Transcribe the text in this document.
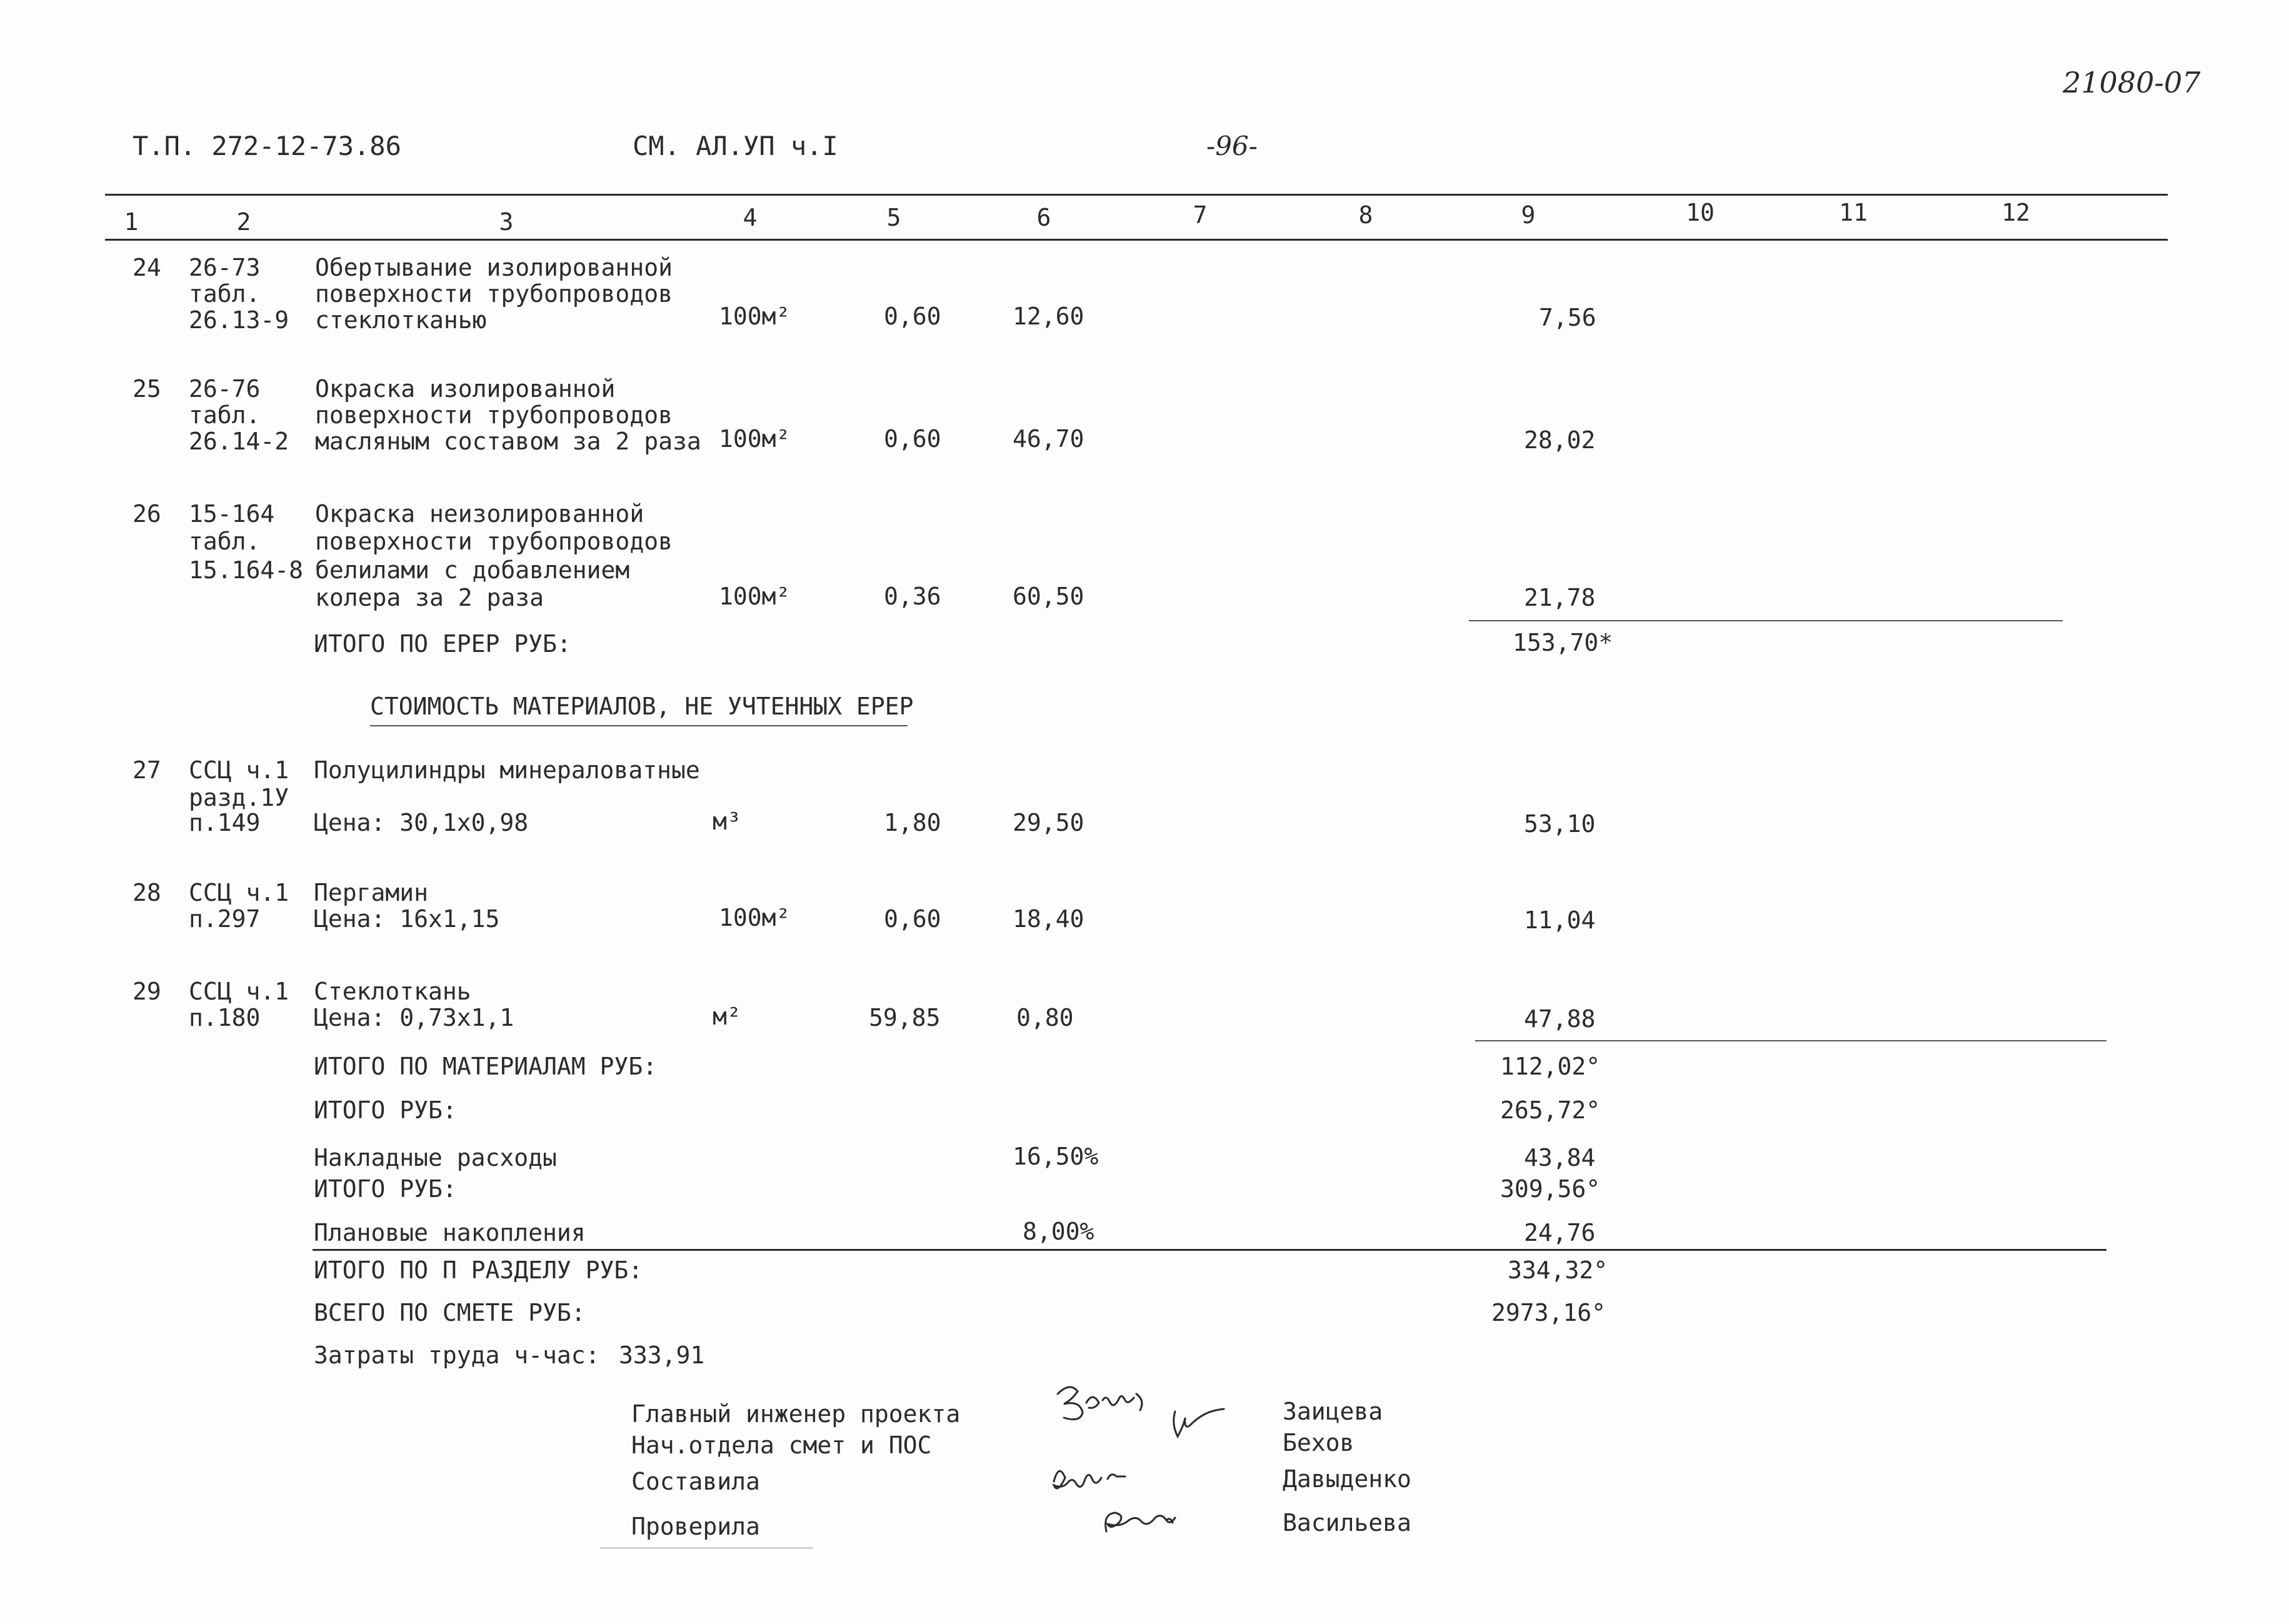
21080-07
Т.П. 272-12-73.86	СМ. АЛ.УП ч.I	-96-
1	2	3	4	5	6	7	8	9	10	11	12
24 26-73
табл.
26.13-9
Обертывание изолированной
поверхности трубопроводов
стеклотканью	100м²	0,60	12,60	7,56
25 26-76
табл.
26.14-2
Окраска изолированной
поверхности трубопроводов
масляным составом за 2 раза 100м²	0,60	46,70	28,02
26 15-164
табл.
15.164-8
Окраска неизолированной
поверхности трубопроводов
белилами с добавлением
колера за 2 раза	100м²	0,36	60,50	21,78
ИТОГО ПО ЕРЕР РУБ:	153,70*
СТОИМОСТЬ МАТЕРИАЛОВ, НЕ УЧТЕННЫХ ЕРЕР
27 ССЦ ч.1
разд.1У
п.149
Полуцилиндры минераловатные
Цена: 30,1х0,98	м³	1,80	29,50	53,10
28 ССЦ ч.1
п.297
Пергамин
Цена: 16х1,15	100м²	0,60	18,40	11,04
29 ССЦ ч.1
п.180
Стеклоткань
Цена: 0,73х1,1	м²	59,85	0,80	47,88
ИТОГО ПО МАТЕРИАЛАМ РУБ:	112,02°
ИТОГО РУБ:	265,72°
Накладные расходы	16,50%	43,84
ИТОГО РУБ:	309,56°
Плановые накопления	8,00%	24,76
ИТОГО ПО П РАЗДЕЛУ РУБ:	334,32°
ВСЕГО ПО СМЕТЕ РУБ:	2973,16°
Затраты труда ч-час: 333,91
Главный инженер проекта
Нач.отдела смет и ПОС
Составила
Проверила
Заицева
Бехов
Давыденко
Васильева
